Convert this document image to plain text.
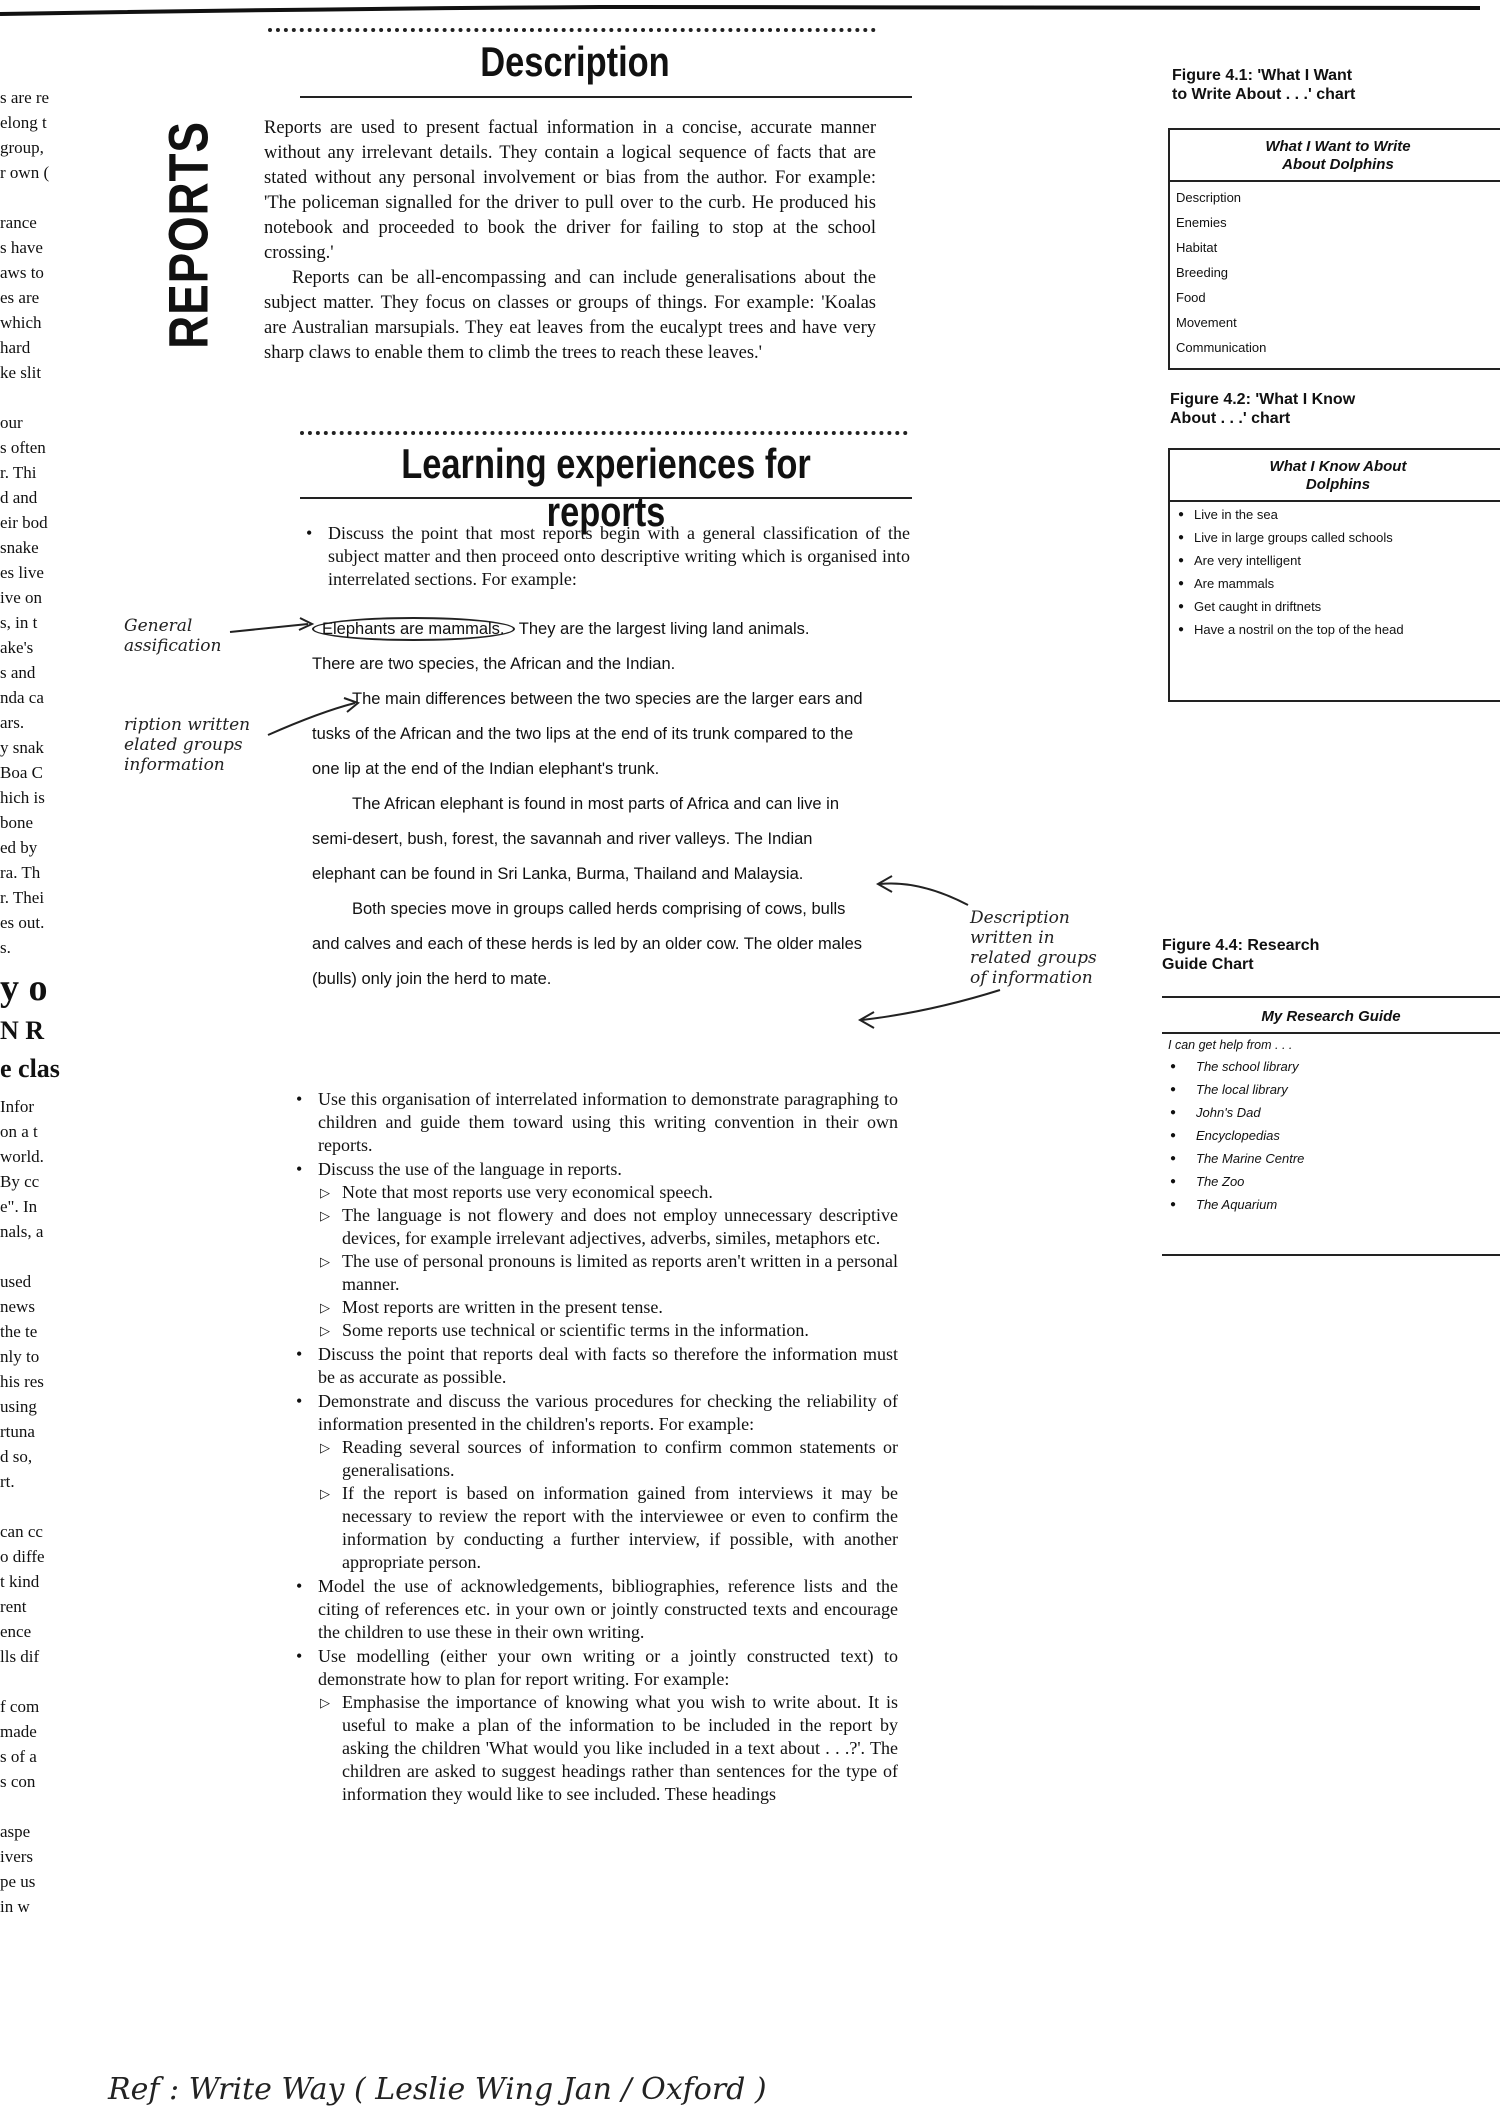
s are re
elong t
group,
r own (

rance
s have
aws to
es are
which
hard
ke slit

our
s often
r. Thi
d and
eir bod
snake
es live
ive on
s, in t
ake's
s and
nda ca
ars.
y snak
Boa C
hich is
bone
ed by
ra. Th
r. Thei
es out.
s.
y o
N R
e clas
Infor
on a t
world.
By cc
e". In
nals, a

used
news
the te
nly to
his res
using
rtuna
d so,
rt.

can cc
o diffe
t kind
rent
ence
lls dif

f com
made
s of a
s con

aspe
ivers
pe us
in w
REPORTS
Description

Reports are used to present factual information in a concise, accurate manner without any irrelevant details. They contain a logical sequence of facts that are stated without any personal involvement or bias from the author. For example: 'The policeman signalled for the driver to pull over to the curb. He produced his notebook and proceeded to book the driver for failing to stop at the school crossing.'

Reports can be all-encompassing and can include generalisations about the subject matter. They focus on classes or groups of things. For example: 'Koalas are Australian marsupials. They eat leaves from the eucalypt trees and have very sharp claws to enable them to climb the trees to reach these leaves.'

Learning experiences for reports
• Discuss the point that most reports begin with a general classification of the subject matter and then proceed onto descriptive writing which is organised into interrelated sections. For example:

Elephants are mammals. They are the largest living land animals.

There are two species, the African and the Indian.

The main differences between the two species are the larger ears and tusks of the African and the two lips at the end of its trunk compared to the one lip at the end of the Indian elephant's trunk.

The African elephant is found in most parts of Africa and can live in semi-desert, bush, forest, the savannah and river valleys. The Indian elephant can be found in Sri Lanka, Burma, Thailand and Malaysia.

Both species move in groups called herds comprising of cows, bulls and calves and each of these herds is led by an older cow. The older males (bulls) only join the herd to mate.

• Use this organisation of interrelated information to demonstrate paragraphing to children and guide them toward using this writing convention in their own reports.
• Discuss the use of the language in reports.
▷ Note that most reports use very economical speech.
▷ The language is not flowery and does not employ unnecessary descriptive devices, for example irrelevant adjectives, adverbs, similes, metaphors etc.
▷ The use of personal pronouns is limited as reports aren't written in a personal manner.
▷ Most reports are written in the present tense.
▷ Some reports use technical or scientific terms in the information.
• Discuss the point that reports deal with facts so therefore the information must be as accurate as possible.
• Demonstrate and discuss the various procedures for checking the reliability of information presented in the children's reports. For example:
▷ Reading several sources of information to confirm common statements or generalisations.
▷ If the report is based on information gained from interviews it may be necessary to review the report with the interviewee or even to confirm the information by conducting a further interview, if possible, with another appropriate person.
• Model the use of acknowledgements, bibliographies, reference lists and the citing of references etc. in your own or jointly constructed texts and encourage the children to use these in their own writing.
• Use modelling (either your own writing or a jointly constructed text) to demonstrate how to plan for report writing. For example:
▷ Emphasise the importance of knowing what you wish to write about. It is useful to make a plan of the information to be included in the report by asking the children 'What would you like included in a text about . . .?'. The children are asked to suggest headings rather than sentences for the type of information they would like to see included. These headings
General
assification
ription written
elated groups
information
Description
written in
related groups
of information
Ref : Write Way ( Leslie Wing Jan / Oxford )
Figure 4.1: 'What I Want
to Write About . . .' chart
What I Want to Write
About Dolphins
Description
Enemies
Habitat
Breeding
Food
Movement
Communication
Figure 4.2: 'What I Know
About . . .' chart
What I Know About
Dolphins
● Live in the sea
● Live in large groups called schools
● Are very intelligent
● Are mammals
● Get caught in driftnets
● Have a nostril on the top of the head
Figure 4.4: Research
Guide Chart
My Research Guide
I can get help from . . .
● The school library
● The local library
● John's Dad
● Encyclopedias
● The Marine Centre
● The Zoo
● The Aquarium
